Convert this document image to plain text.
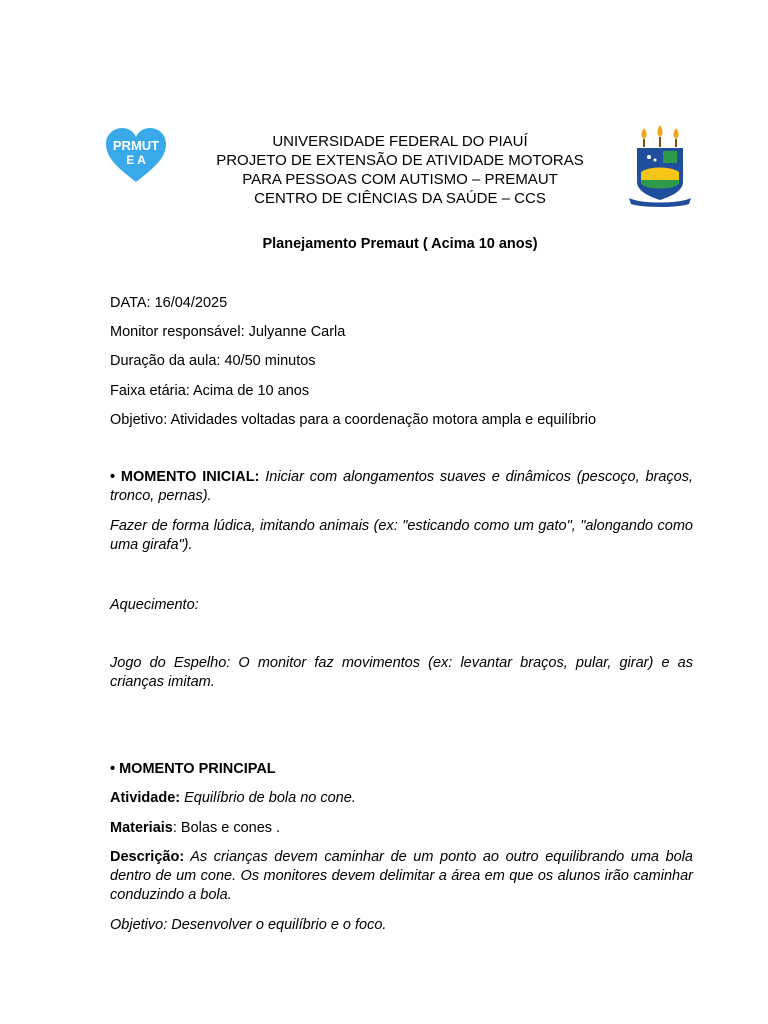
PRMUT
E A
UNIVERSIDADE FEDERAL DO PIAUÍ
PROJETO DE EXTENSÃO DE ATIVIDADE MOTORAS
PARA PESSOAS COM AUTISMO – PREMAUT
CENTRO DE CIÊNCIAS DA SAÚDE – CCS
Planejamento Premaut ( Acima 10 anos)

DATA: 16/04/2025

Monitor responsável: Julyanne Carla

Duração da aula: 40/50 minutos

Faixa etária: Acima de 10 anos

Objetivo: Atividades voltadas para a coordenação motora ampla e equilíbrio

• MOMENTO INICIAL: Iniciar com alongamentos suaves e dinâmicos (pescoço, braços, tronco, pernas).

Fazer de forma lúdica, imitando animais (ex: "esticando como um gato", "alongando como uma girafa").

Aquecimento:

Jogo do Espelho: O monitor faz movimentos (ex: levantar braços, pular, girar) e as crianças imitam.

• MOMENTO PRINCIPAL

Atividade: Equilíbrio de bola no cone.

Materiais: Bolas e cones .

Descrição: As crianças devem caminhar de um ponto ao outro equilibrando uma bola dentro de um cone. Os monitores devem delimitar a área em que os alunos irão caminhar conduzindo a bola.

Objetivo: Desenvolver o equilíbrio e o foco.
